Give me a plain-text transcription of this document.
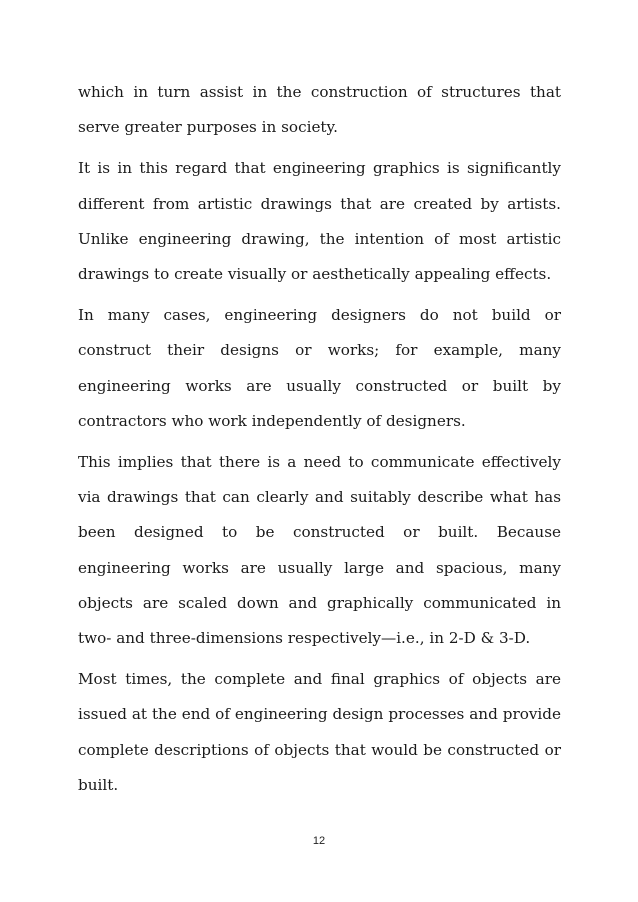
which in turn assist in the construction of structures that serve greater purposes in society.

It is in this regard that engineering graphics is significantly different from artistic drawings that are created by artists. Unlike engineering drawing, the intention of most artistic drawings to create visually or aesthetically appealing effects.

In many cases, engineering designers do not build or construct their designs or works; for example, many engineering works are usually constructed or built by contractors who work independently of designers.

This implies that there is a need to communicate effectively via drawings that can clearly and suitably describe what has been designed to be constructed or built. Because engineering works are usually large and spacious, many objects are scaled down and graphically communicated in two- and three-dimensions respectively—i.e., in 2-D & 3-D.

Most times, the complete and final graphics of objects are issued at the end of engineering design processes and provide complete descriptions of objects that would be constructed or built.

12
